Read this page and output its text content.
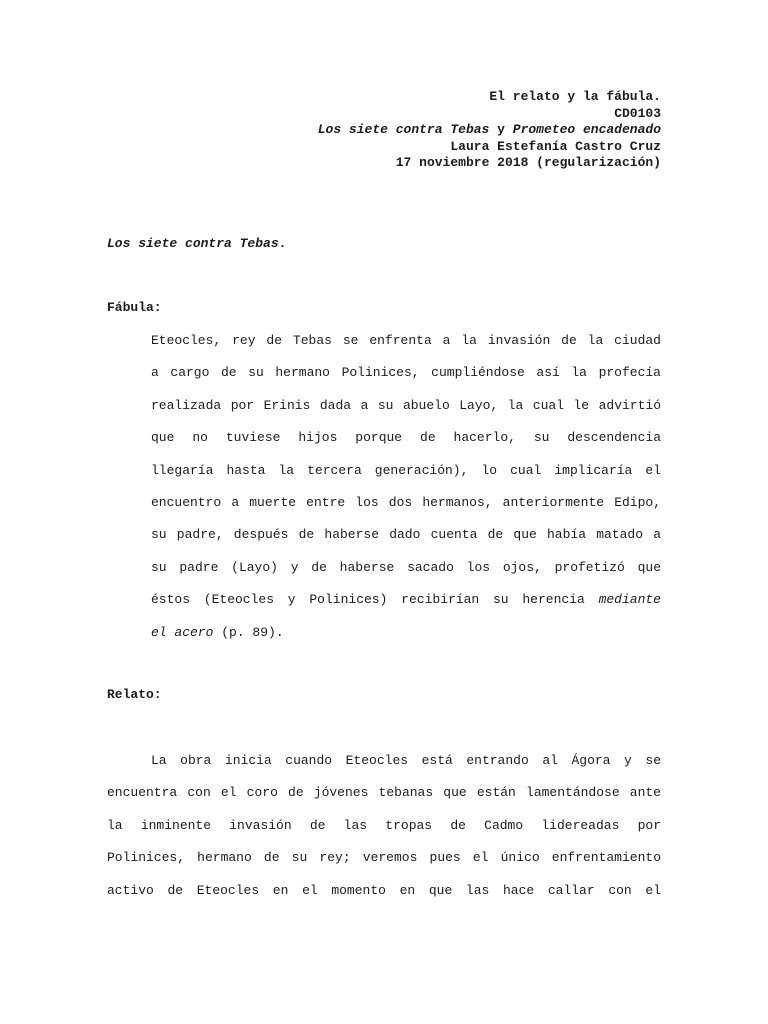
El relato y la fábula.
CD0103
Los siete contra Tebas y Prometeo encadenado
Laura Estefanía Castro Cruz
17 noviembre 2018 (regularización)
Los siete contra Tebas.
Fábula:
Eteocles, rey de Tebas se enfrenta a la invasión de la ciudad
a cargo de su hermano Polinices, cumpliéndose así la profecía
realizada por Erinis dada a su abuelo Layo, la cual le advirtió
que no tuviese hijos porque de hacerlo, su descendencia
llegaría hasta la tercera generación), lo cual implicaría el
encuentro a muerte entre los dos hermanos, anteriormente Edipo,
su padre, después de haberse dado cuenta de que había matado a
su padre (Layo) y de haberse sacado los ojos, profetizó que
éstos (Eteocles y Polinices) recibirían su herencia mediante
el acero (p. 89).
Relato:
La obra inicia cuando Eteocles está entrando al Ágora y se
encuentra con el coro de jóvenes tebanas que están lamentándose ante
la inminente invasión de las tropas de Cadmo lidereadas por
Polinices, hermano de su rey; veremos pues el único enfrentamiento
activo de Eteocles en el momento en que las hace callar con el
